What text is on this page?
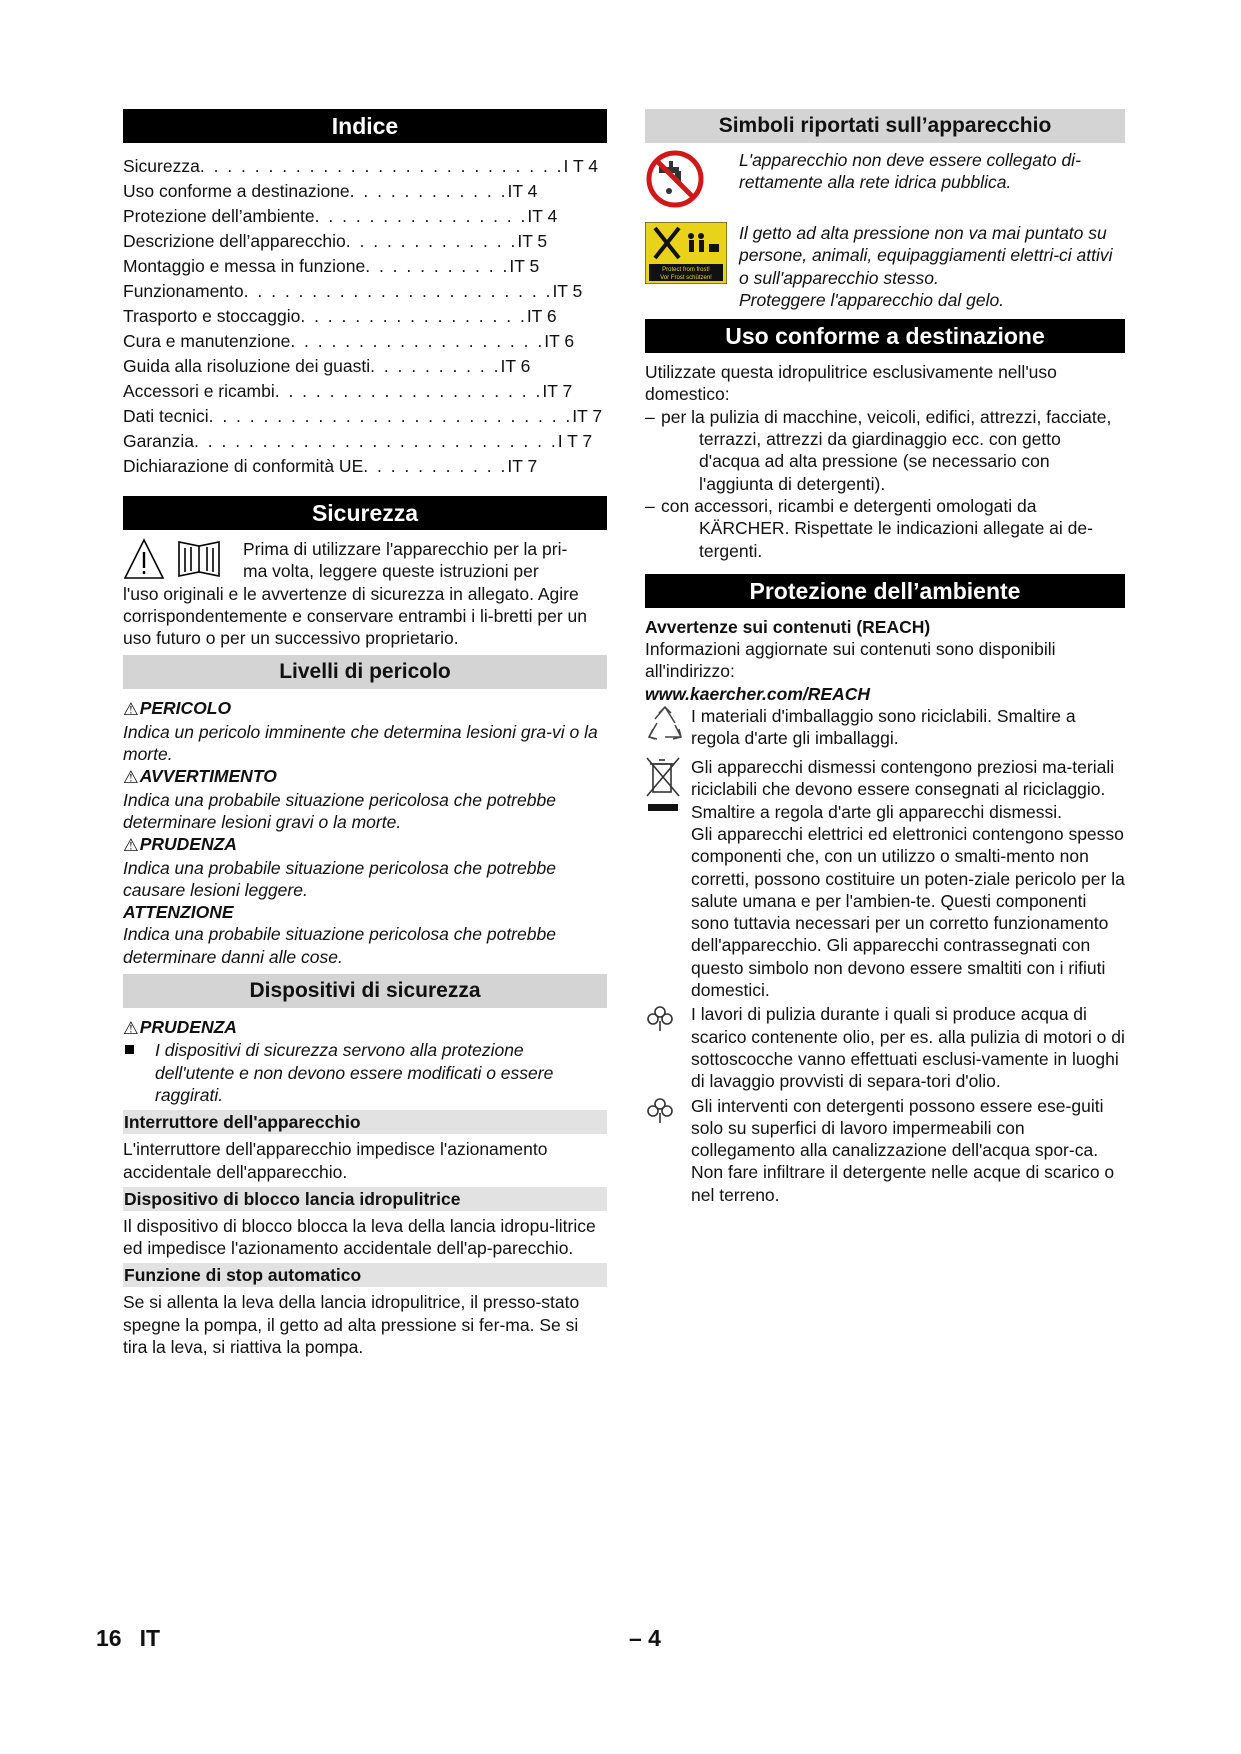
Indice
Sicurezza . . . . . . . . . . . . . . . . . . . . . . . . . . . I T 4
Uso conforme a destinazione . . . . . . . . . . . . IT 4
Protezione dell’ambiente . . . . . . . . . . . . . . . . IT 4
Descrizione dell’apparecchio . . . . . . . . . . . . . IT 5
Montaggio e messa in funzione . . . . . . . . . . . IT 5
Funzionamento . . . . . . . . . . . . . . . . . . . . . . . IT 5
Trasporto e stoccaggio . . . . . . . . . . . . . . . . . IT 6
Cura e manutenzione . . . . . . . . . . . . . . . . . . . IT 6
Guida alla risoluzione dei guasti . . . . . . . . . . IT 6
Accessori e ricambi . . . . . . . . . . . . . . . . . . . . IT 7
Dati tecnici . . . . . . . . . . . . . . . . . . . . . . . . . . . IT 7
Garanzia . . . . . . . . . . . . . . . . . . . . . . . . . . . I T 7
Dichiarazione di conformità UE . . . . . . . . . . . IT 7
Sicurezza

Prima di utilizzare l'apparecchio per la pri-

ma volta, leggere queste istruzioni per

l'uso originali e le avvertenze di sicurezza in allegato. Agire corrispondentemente e conservare entrambi i li-bretti per un uso futuro o per un successivo proprietario.

Livelli di pericolo

⚠PERICOLO

Indica un pericolo imminente che determina lesioni gra-vi o la morte.

⚠AVVERTIMENTO

Indica una probabile situazione pericolosa che potrebbe determinare lesioni gravi o la morte.

⚠PRUDENZA

Indica una probabile situazione pericolosa che potrebbe causare lesioni leggere.

ATTENZIONE

Indica una probabile situazione pericolosa che potrebbe determinare danni alle cose.

Dispositivi di sicurezza

⚠PRUDENZA

I dispositivi di sicurezza servono alla protezione dell'utente e non devono essere modificati o essere raggirati.

Interruttore dell'apparecchio

L'interruttore dell'apparecchio impedisce l'azionamento accidentale dell'apparecchio.

Dispositivo di blocco lancia idropulitrice

Il dispositivo di blocco blocca la leva della lancia idropu-litrice ed impedisce l'azionamento accidentale dell'ap-parecchio.

Funzione di stop automatico

Se si allenta la leva della lancia idropulitrice, il presso-stato spegne la pompa, il getto ad alta pressione si fer-ma. Se si tira la leva, si riattiva la pompa.

Simboli riportati sull’apparecchio

L'apparecchio non deve essere collegato di-rettamente alla rete idrica pubblica.

Protect from frost!
Vor Frost schützen!

Il getto ad alta pressione non va mai puntato su persone, animali, equipaggiamenti elettri-ci attivi o sull'apparecchio stesso.

Proteggere l'apparecchio dal gelo.

Uso conforme a destinazione

Utilizzate questa idropulitrice esclusivamente nell'uso domestico:

– per la pulizia di macchine, veicoli, edifici, attrezzi, facciate, terrazzi, attrezzi da giardinaggio ecc. con getto d'acqua ad alta pressione (se necessario con l'aggiunta di detergenti).
– con accessori, ricambi e detergenti omologati da KÄRCHER. Rispettate le indicazioni allegate ai de-tergenti.
Protezione dell’ambiente

Avvertenze sui contenuti (REACH)

Informazioni aggiornate sui contenuti sono disponibili all'indirizzo:

www.kaercher.com/REACH

I materiali d'imballaggio sono riciclabili. Smaltire a regola d'arte gli imballaggi.

Gli apparecchi dismessi contengono preziosi ma-teriali riciclabili che devono essere consegnati al riciclaggio. Smaltire a regola d'arte gli apparecchi dismessi.

Gli apparecchi elettrici ed elettronici contengono spesso componenti che, con un utilizzo o smalti-mento non corretti, possono costituire un poten-ziale pericolo per la salute umana e per l'ambien-te. Questi componenti sono tuttavia necessari per un corretto funzionamento dell'apparecchio. Gli apparecchi contrassegnati con questo simbolo non devono essere smaltiti con i rifiuti domestici.

I lavori di pulizia durante i quali si produce acqua di scarico contenente olio, per es. alla pulizia di motori o di sottoscocche vanno effettuati esclusi-vamente in luoghi di lavaggio provvisti di separa-tori d'olio.

Gli interventi con detergenti possono essere ese-guiti solo su superfici di lavoro impermeabili con collegamento alla canalizzazione dell'acqua spor-ca. Non fare infiltrare il detergente nelle acque di scarico o nel terreno.

16 IT	– 4
